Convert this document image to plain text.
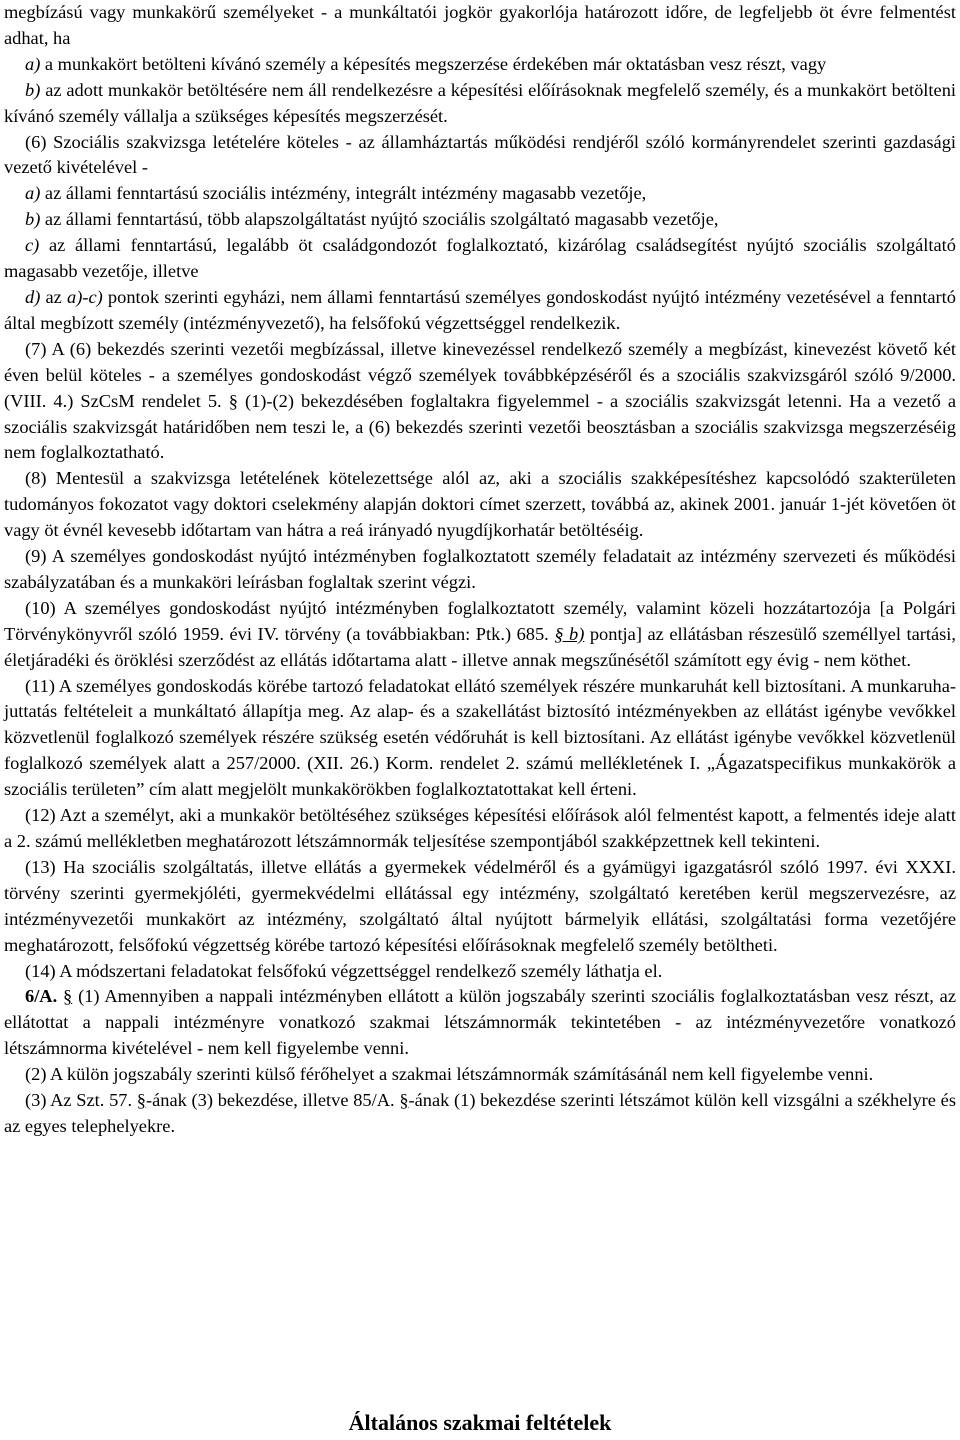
megbízású vagy munkakörű személyeket - a munkáltatói jogkör gyakorlója határozott időre, de legfeljebb öt évre felmentést adhat, ha

a) a munkakört betölteni kívánó személy a képesítés megszerzése érdekében már oktatásban vesz részt, vagy

b) az adott munkakör betöltésére nem áll rendelkezésre a képesítési előírásoknak megfelelő személy, és a munkakört betölteni kívánó személy vállalja a szükséges képesítés megszerzését.

(6) Szociális szakvizsga letételére köteles - az államháztartás működési rendjéről szóló kormányrendelet szerinti gazdasági vezető kivételével -

a) az állami fenntartású szociális intézmény, integrált intézmény magasabb vezetője,

b) az állami fenntartású, több alapszolgáltatást nyújtó szociális szolgáltató magasabb vezetője,

c) az állami fenntartású, legalább öt családgondozót foglalkoztató, kizárólag családsegítést nyújtó szociális szolgáltató magasabb vezetője, illetve

d) az a)-c) pontok szerinti egyházi, nem állami fenntartású személyes gondoskodást nyújtó intézmény vezetésével a fenntartó által megbízott személy (intézményvezető), ha felsőfokú végzettséggel rendelkezik.

(7) A (6) bekezdés szerinti vezetői megbízással, illetve kinevezéssel rendelkező személy a megbízást, kinevezést követő két éven belül köteles - a személyes gondoskodást végző személyek továbbképzéséről és a szociális szakvizsgáról szóló 9/2000. (VIII. 4.) SzCsM rendelet 5. § (1)-(2) bekezdésében foglaltakra figyelemmel - a szociális szakvizsgát letenni. Ha a vezető a szociális szakvizsgát határidőben nem teszi le, a (6) bekezdés szerinti vezetői beosztásban a szociális szakvizsga megszerzéséig nem foglalkoztatható.

(8) Mentesül a szakvizsga letételének kötelezettsége alól az, aki a szociális szakképesítéshez kapcsolódó szakterületen tudományos fokozatot vagy doktori cselekmény alapján doktori címet szerzett, továbbá az, akinek 2001. január 1-jét követően öt vagy öt évnél kevesebb időtartam van hátra a reá irányadó nyugdíjkorhatár betöltéséig.

(9) A személyes gondoskodást nyújtó intézményben foglalkoztatott személy feladatait az intézmény szervezeti és működési szabályzatában és a munkaköri leírásban foglaltak szerint végzi.

(10) A személyes gondoskodást nyújtó intézményben foglalkoztatott személy, valamint közeli hozzátartozója [a Polgári Törvénykönyvről szóló 1959. évi IV. törvény (a továbbiakban: Ptk.) 685. § b) pontja] az ellátásban részesülő személlyel tartási, életjáradéki és öröklési szerződést az ellátás időtartama alatt - illetve annak megszűnésétől számított egy évig - nem köthet.

(11) A személyes gondoskodás körébe tartozó feladatokat ellátó személyek részére munkaruhát kell biztosítani. A munkaruha-juttatás feltételeit a munkáltató állapítja meg. Az alap- és a szakellátást biztosító intézményekben az ellátást igénybe vevőkkel közvetlenül foglalkozó személyek részére szükség esetén védőruhát is kell biztosítani. Az ellátást igénybe vevőkkel közvetlenül foglalkozó személyek alatt a 257/2000. (XII. 26.) Korm. rendelet 2. számú mellékletének I. „Ágazatspecifikus munkakörök a szociális területen” cím alatt megjelölt munkakörökben foglalkoztatottakat kell érteni.

(12) Azt a személyt, aki a munkakör betöltéséhez szükséges képesítési előírások alól felmentést kapott, a felmentés ideje alatt a 2. számú mellékletben meghatározott létszámnormák teljesítése szempontjából szakképzettnek kell tekinteni.

(13) Ha szociális szolgáltatás, illetve ellátás a gyermekek védelméről és a gyámügyi igazgatásról szóló 1997. évi XXXI. törvény szerinti gyermekjóléti, gyermekvédelmi ellátással egy intézmény, szolgáltató keretében kerül megszervezésre, az intézményvezetői munkakört az intézmény, szolgáltató által nyújtott bármelyik ellátási, szolgáltatási forma vezetőjére meghatározott, felsőfokú végzettség körébe tartozó képesítési előírásoknak megfelelő személy betöltheti.

(14) A módszertani feladatokat felsőfokú végzettséggel rendelkező személy láthatja el.

6/A. § (1) Amennyiben a nappali intézményben ellátott a külön jogszabály szerinti szociális foglalkoztatásban vesz részt, az ellátottat a nappali intézményre vonatkozó szakmai létszámnormák tekintetében - az intézményvezetőre vonatkozó létszámnorma kivételével - nem kell figyelembe venni.

(2) A külön jogszabály szerinti külső férőhelyet a szakmai létszámnormák számításánál nem kell figyelembe venni.

(3) Az Szt. 57. §-ának (3) bekezdése, illetve 85/A. §-ának (1) bekezdése szerinti létszámot külön kell vizsgálni a székhelyre és az egyes telephelyekre.

Általános szakmai feltételek
